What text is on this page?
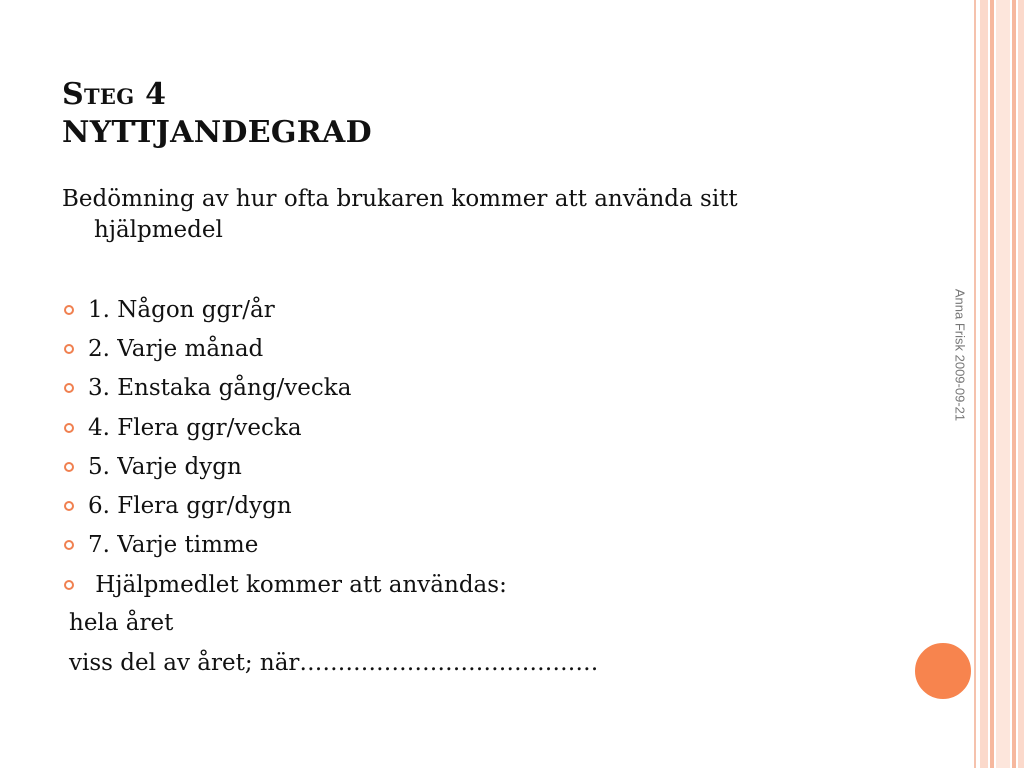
Steg 4
NYTTJANDEGRAD
Bedömning av hur ofta brukaren kommer att använda sitt hjälpmedel
1. Någon ggr/år
2. Varje månad
3. Enstaka gång/vecka
4. Flera ggr/vecka
5. Varje dygn
6. Flera ggr/dygn
7. Varje timme
Hjälpmedlet kommer att användas:
hela året
viss del av året; när…………………………………
Anna Frisk 2009-09-21
